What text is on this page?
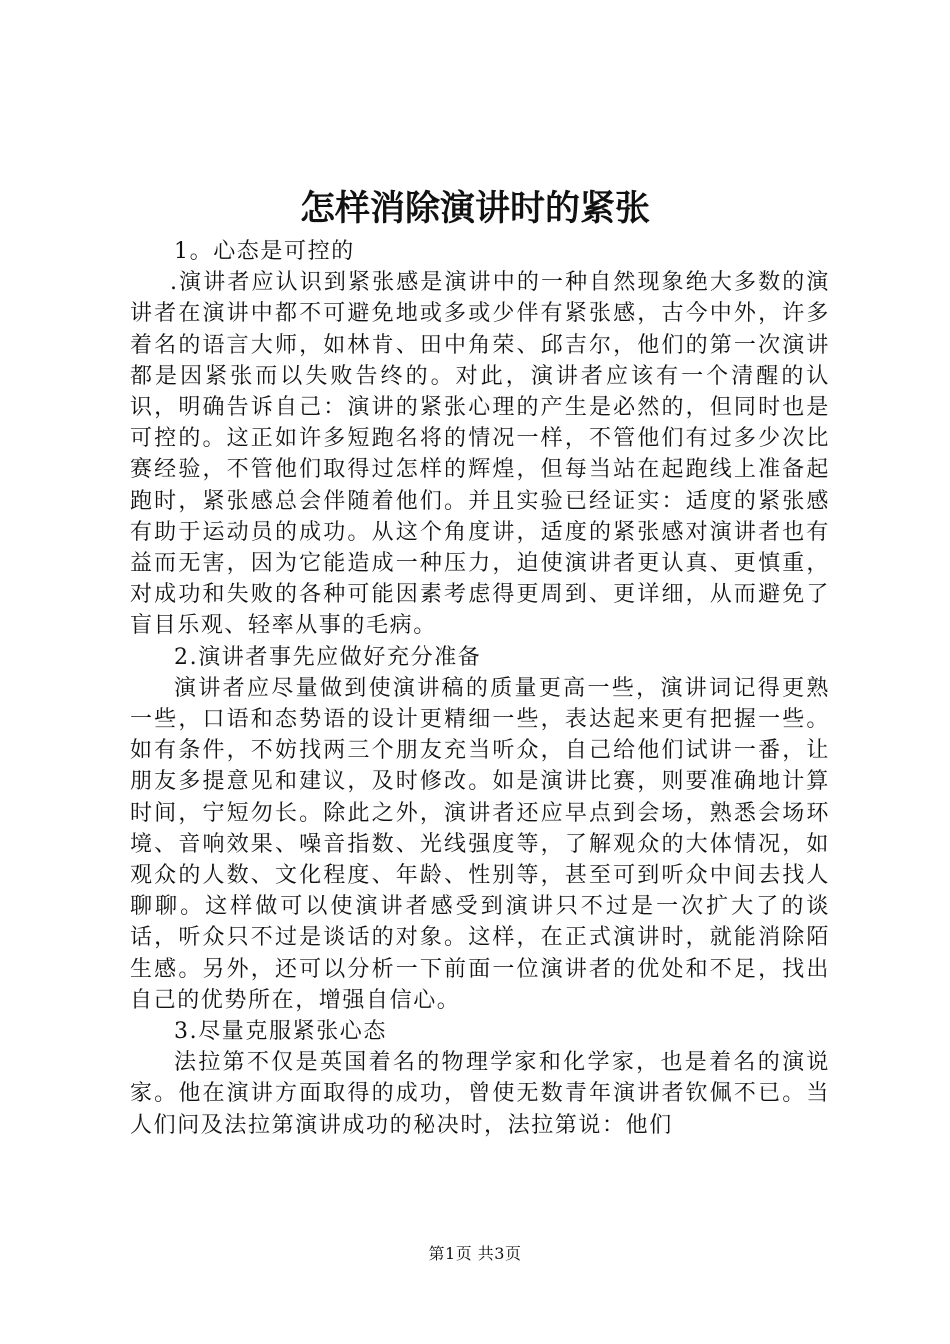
怎样消除演讲时的紧张

1。心态是可控的

.演讲者应认识到紧张感是演讲中的一种自然现象绝大多数的演讲者在演讲中都不可避免地或多或少伴有紧张感，古今中外，许多着名的语言大师，如林肯、田中角荣、邱吉尔，他们的第一次演讲都是因紧张而以失败告终的。对此，演讲者应该有一个清醒的认识，明确告诉自己：演讲的紧张心理的产生是必然的，但同时也是可控的。这正如许多短跑名将的情况一样，不管他们有过多少次比赛经验，不管他们取得过怎样的辉煌，但每当站在起跑线上准备起跑时，紧张感总会伴随着他们。并且实验已经证实：适度的紧张感有助于运动员的成功。从这个角度讲，适度的紧张感对演讲者也有益而无害，因为它能造成一种压力，迫使演讲者更认真、更慎重，对成功和失败的各种可能因素考虑得更周到、更详细，从而避免了盲目乐观、轻率从事的毛病。

2.演讲者事先应做好充分准备

演讲者应尽量做到使演讲稿的质量更高一些，演讲词记得更熟一些，口语和态势语的设计更精细一些，表达起来更有把握一些。如有条件，不妨找两三个朋友充当听众，自己给他们试讲一番，让朋友多提意见和建议，及时修改。如是演讲比赛，则要准确地计算时间，宁短勿长。除此之外，演讲者还应早点到会场，熟悉会场环境、音响效果、噪音指数、光线强度等，了解观众的大体情况，如观众的人数、文化程度、年龄、性别等，甚至可到听众中间去找人聊聊。这样做可以使演讲者感受到演讲只不过是一次扩大了的谈话，听众只不过是谈话的对象。这样，在正式演讲时，就能消除陌生感。另外，还可以分析一下前面一位演讲者的优处和不足，找出自己的优势所在，增强自信心。

3.尽量克服紧张心态

法拉第不仅是英国着名的物理学家和化学家，也是着名的演说家。他在演讲方面取得的成功，曾使无数青年演讲者钦佩不已。当人们问及法拉第演讲成功的秘决时，法拉第说：他们

第1页 共3页
